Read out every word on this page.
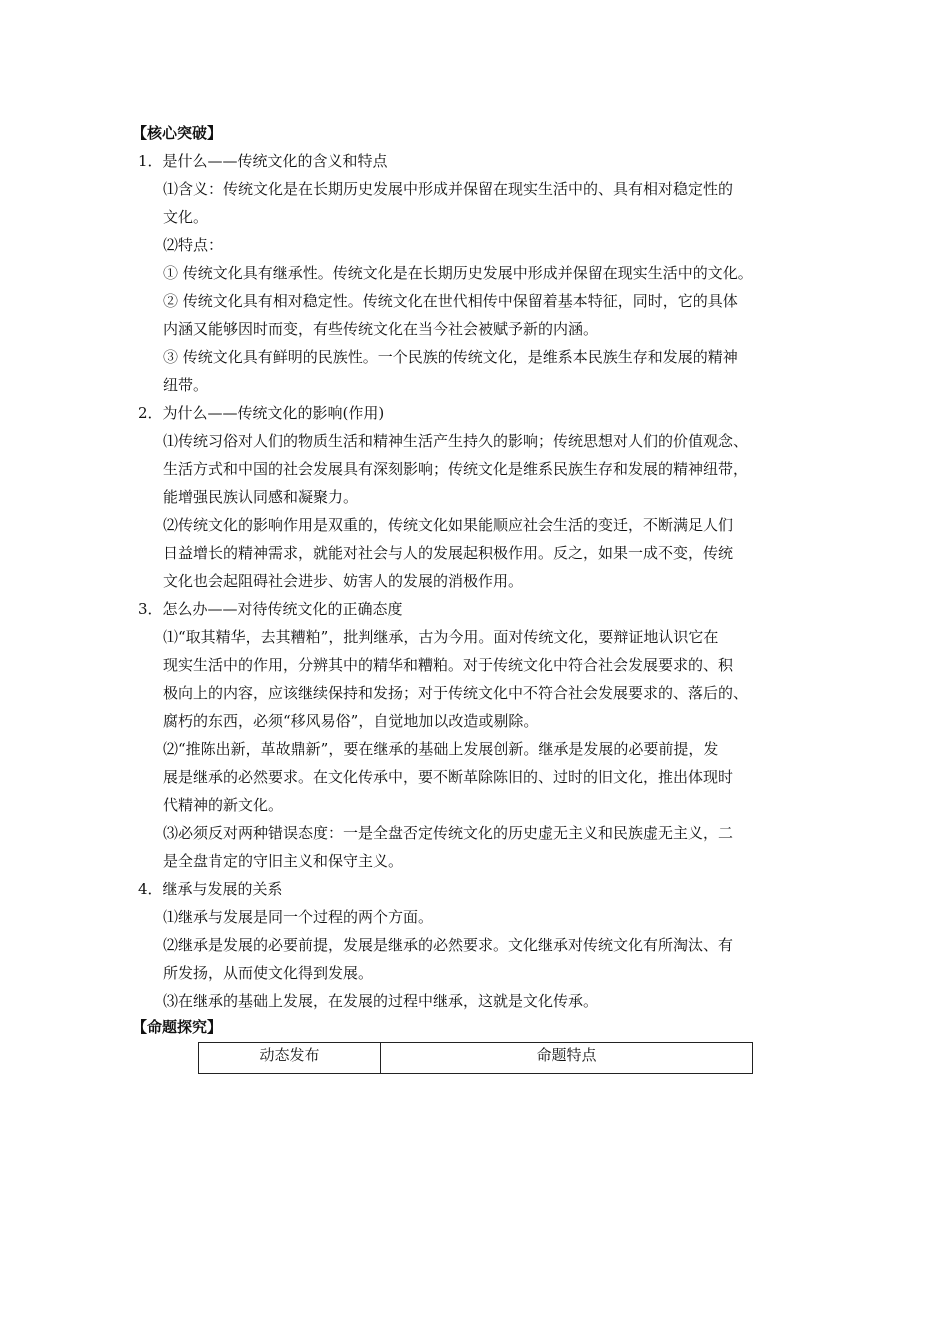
【核心突破】
1．是什么——传统文化的含义和特点
⑴含义：传统文化是在长期历史发展中形成并保留在现实生活中的、具有相对稳定性的
文化。
⑵特点：
① 传统文化具有继承性。传统文化是在长期历史发展中形成并保留在现实生活中的文化。
② 传统文化具有相对稳定性。传统文化在世代相传中保留着基本特征，同时，它的具体
内涵又能够因时而变，有些传统文化在当今社会被赋予新的内涵。
③ 传统文化具有鲜明的民族性。一个民族的传统文化，是维系本民族生存和发展的精神
纽带。
2．为什么——传统文化的影响(作用)
⑴传统习俗对人们的物质生活和精神生活产生持久的影响；传统思想对人们的价值观念、
生活方式和中国的社会发展具有深刻影响；传统文化是维系民族生存和发展的精神纽带，
能增强民族认同感和凝聚力。
⑵传统文化的影响作用是双重的，传统文化如果能顺应社会生活的变迁，不断满足人们
日益增长的精神需求，就能对社会与人的发展起积极作用。反之，如果一成不变，传统
文化也会起阻碍社会进步、妨害人的发展的消极作用。
3．怎么办——对待传统文化的正确态度
⑴“取其精华，去其糟粕”，批判继承，古为今用。面对传统文化，要辩证地认识它在
现实生活中的作用，分辨其中的精华和糟粕。对于传统文化中符合社会发展要求的、积
极向上的内容，应该继续保持和发扬；对于传统文化中不符合社会发展要求的、落后的、
腐朽的东西，必须“移风易俗”，自觉地加以改造或剔除。
⑵“推陈出新，革故鼎新”，要在继承的基础上发展创新。继承是发展的必要前提，发
展是继承的必然要求。在文化传承中，要不断革除陈旧的、过时的旧文化，推出体现时
代精神的新文化。
⑶必须反对两种错误态度：一是全盘否定传统文化的历史虚无主义和民族虚无主义，二
是全盘肯定的守旧主义和保守主义。
4．继承与发展的关系
⑴继承与发展是同一个过程的两个方面。
⑵继承是发展的必要前提，发展是继承的必然要求。文化继承对传统文化有所淘汰、有
所发扬，从而使文化得到发展。
⑶在继承的基础上发展，在发展的过程中继承，这就是文化传承。
【命题探究】
动态发布	命题特点
